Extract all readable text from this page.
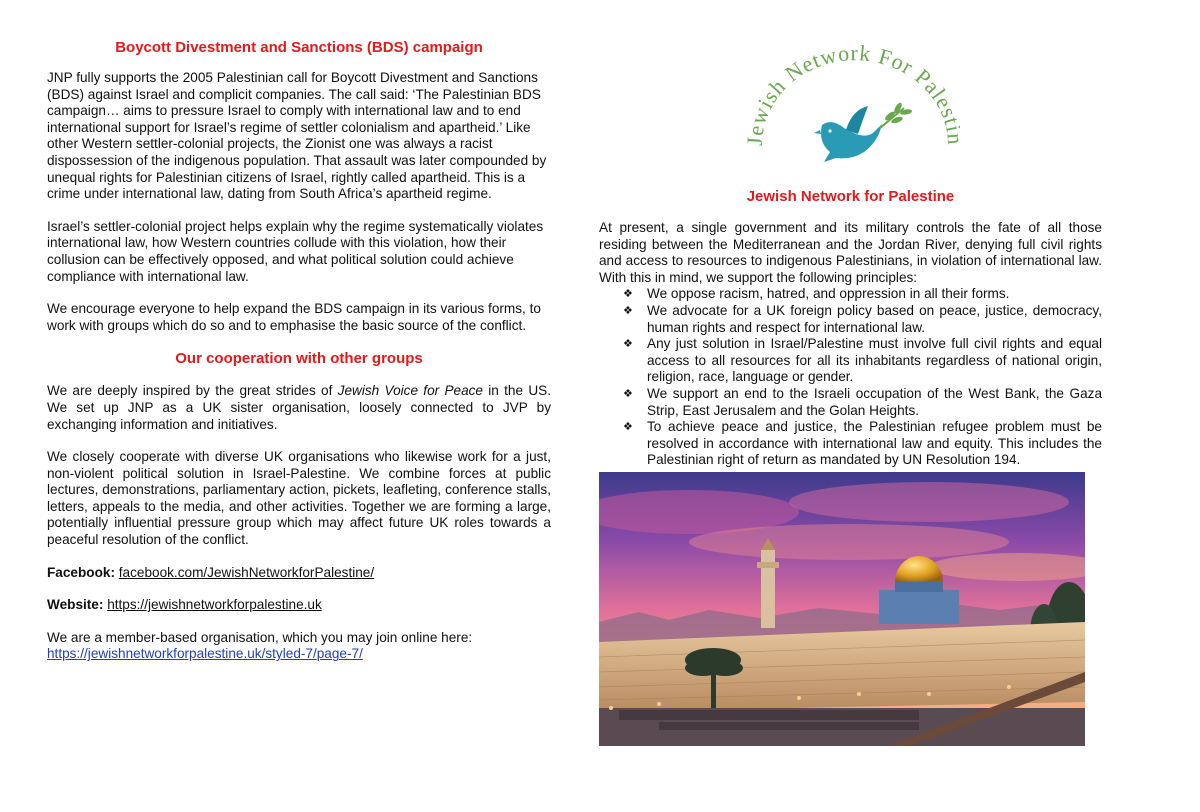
Boycott Divestment and Sanctions (BDS) campaign

JNP fully supports the 2005 Palestinian call for Boycott Divestment and Sanctions (BDS) against Israel and complicit companies. The call said: ‘The Palestinian BDS campaign… aims to pressure Israel to comply with international law and to end international support for Israel’s regime of settler colonialism and apartheid.’ Like other Western settler-colonial projects, the Zionist one was always a racist dispossession of the indigenous population. That assault was later compounded by unequal rights for Palestinian citizens of Israel, rightly called apartheid. This is a crime under international law, dating from South Africa’s apartheid regime.

Israel’s settler-colonial project helps explain why the regime systematically violates international law, how Western countries collude with this violation, how their collusion can be effectively opposed, and what political solution could achieve compliance with international law.

We encourage everyone to help expand the BDS campaign in its various forms, to work with groups which do so and to emphasise the basic source of the conflict.

Our cooperation with other groups

We are deeply inspired by the great strides of Jewish Voice for Peace in the US. We set up JNP as a UK sister organisation, loosely connected to JVP by exchanging information and initiatives.

We closely cooperate with diverse UK organisations who likewise work for a just, non-violent political solution in Israel-Palestine. We combine forces at public lectures, demonstrations, parliamentary action, pickets, leafleting, conference stalls, letters, appeals to the media, and other activities. Together we are forming a large, potentially influential pressure group which may affect future UK roles towards a peaceful resolution of the conflict.

Facebook: facebook.com/JewishNetworkforPalestine/

Website: https://jewishnetworkforpalestine.uk

We are a member-based organisation, which you may join online here:

https://jewishnetworkforpalestine.uk/styled-7/page-7/

Jewish Network For Pales
Jewish Network for Palestine

At present, a single government and its military controls the fate of all those residing between the Mediterranean and the Jordan River, denying full civil rights and access to resources to indigenous Palestinians, in violation of international law. With this in mind, we support the following principles:

❖ We oppose racism, hatred, and oppression in all their forms.
❖ We advocate for a UK foreign policy based on peace, justice, democracy, human rights and respect for international law.
❖ Any just solution in Israel/Palestine must involve full civil rights and equal access to all resources for all its inhabitants regardless of national origin, religion, race, language or gender.
❖ We support an end to the Israeli occupation of the West Bank, the Gaza Strip, East Jerusalem and the Golan Heights.
❖ To achieve peace and justice, the Palestinian refugee problem must be resolved in accordance with international law and equity. This includes the Palestinian right of return as mandated by UN Resolution 194.
